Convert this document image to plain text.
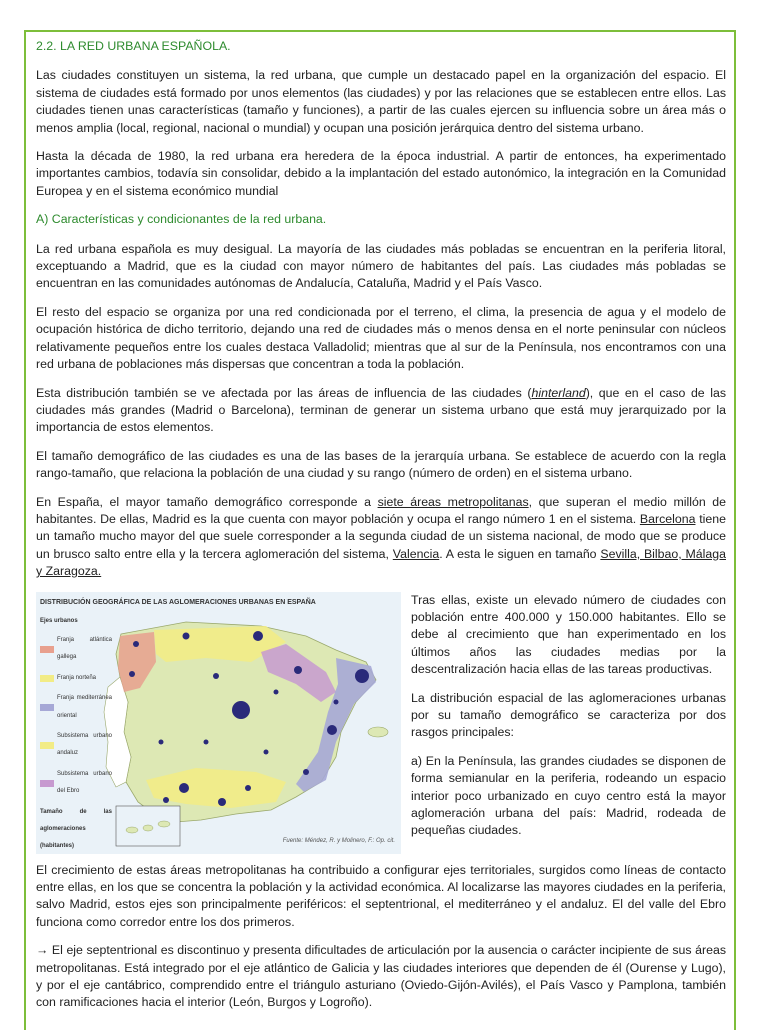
2.2. LA RED URBANA ESPAÑOLA.

Las ciudades constituyen un sistema, la red urbana, que cumple un destacado papel en la organización del espacio. El sistema de ciudades está formado por unos elementos (las ciudades) y por las relaciones que se establecen entre ellos. Las ciudades tienen unas características (tamaño y funciones), a partir de las cuales ejercen su influencia sobre un área más o menos amplia (local, regional, nacional o mundial) y ocupan una posición jerárquica dentro del sistema urbano.

Hasta la década de 1980, la red urbana era heredera de la época industrial. A partir de entonces, ha experimentado importantes cambios, todavía sin consolidar, debido a la implantación del estado autonómico, la integración en la Comunidad Europea y en el sistema económico mundial

A) Características y condicionantes de la red urbana.

La red urbana española es muy desigual. La mayoría de las ciudades más pobladas se encuentran en la periferia litoral, exceptuando a Madrid, que es la ciudad con mayor número de habitantes del país. Las ciudades más pobladas se encuentran en las comunidades autónomas de Andalucía, Cataluña, Madrid y el País Vasco.

El resto del espacio se organiza por una red condicionada por el terreno, el clima, la presencia de agua y el modelo de ocupación histórica de dicho territorio, dejando una red de ciudades más o menos densa en el norte peninsular con núcleos relativamente pequeños entre los cuales destaca Valladolid; mientras que al sur de la Península, nos encontramos con una red urbana de poblaciones más dispersas que concentran a toda la población.

Esta distribución también se ve afectada por las áreas de influencia de las ciudades (hinterland), que en el caso de las ciudades más grandes (Madrid o Barcelona), terminan de generar un sistema urbano que está muy jerarquizado por la importancia de estos elementos.

El tamaño demográfico de las ciudades es una de las bases de la jerarquía urbana. Se establece de acuerdo con la regla rango-tamaño, que relaciona la población de una ciudad y su rango (número de orden) en el sistema urbano.

En España, el mayor tamaño demográfico corresponde a siete áreas metropolitanas, que superan el medio millón de habitantes. De ellas, Madrid es la que cuenta con mayor población y ocupa el rango número 1 en el sistema. Barcelona tiene un tamaño mucho mayor del que suele corresponder a la segunda ciudad de un sistema nacional, de modo que se produce un brusco salto entre ella y la tercera aglomeración del sistema, Valencia. A esta le siguen en tamaño Sevilla, Bilbao, Málaga y Zaragoza.

DISTRIBUCIÓN GEOGRÁFICA DE LAS AGLOMERACIONES URBANAS EN ESPAÑA
Ejes urbanos
Franja atlántica gallega
Franja norteña
Franja mediterránea oriental
Subsistema urbano andaluz
Subsistema urbano del Ebro
Tamaño de las aglomeraciones (habitantes)
Fuente: Méndez, R. y Molinero, F.: Op. cit.

Tras ellas, existe un elevado número de ciudades con población entre 400.000 y 150.000 habitantes. Ello se debe al crecimiento que han experimentado en los últimos años las ciudades medias por la descentralización hacia ellas de las tareas productivas.

La distribución espacial de las aglomeraciones urbanas por su tamaño demográfico se caracteriza por dos rasgos principales:

a) En la Península, las grandes ciudades se disponen de forma semianular en la periferia, rodeando un espacio interior poco urbanizado en cuyo centro está la mayor aglomeración urbana del país: Madrid, rodeada de pequeñas ciudades.

El crecimiento de estas áreas metropolitanas ha contribuido a configurar ejes territoriales, surgidos como líneas de contacto entre ellas, en los que se concentra la población y la actividad económica. Al localizarse las mayores ciudades en la periferia, salvo Madrid, estos ejes son principalmente periféricos: el septentrional, el mediterráneo y el andaluz. El del valle del Ebro funciona como corredor entre los dos primeros.

→ El eje septentrional es discontinuo y presenta dificultades de articulación por la ausencia o carácter incipiente de sus áreas metropolitanas. Está integrado por el eje atlántico de Galicia y las ciudades interiores que dependen de él (Ourense y Lugo), y por el eje cantábrico, comprendido entre el triángulo asturiano (Oviedo-Gijón-Avilés), el País Vasco y Pamplona, también con ramificaciones hacia el interior (León, Burgos y Logroño).
